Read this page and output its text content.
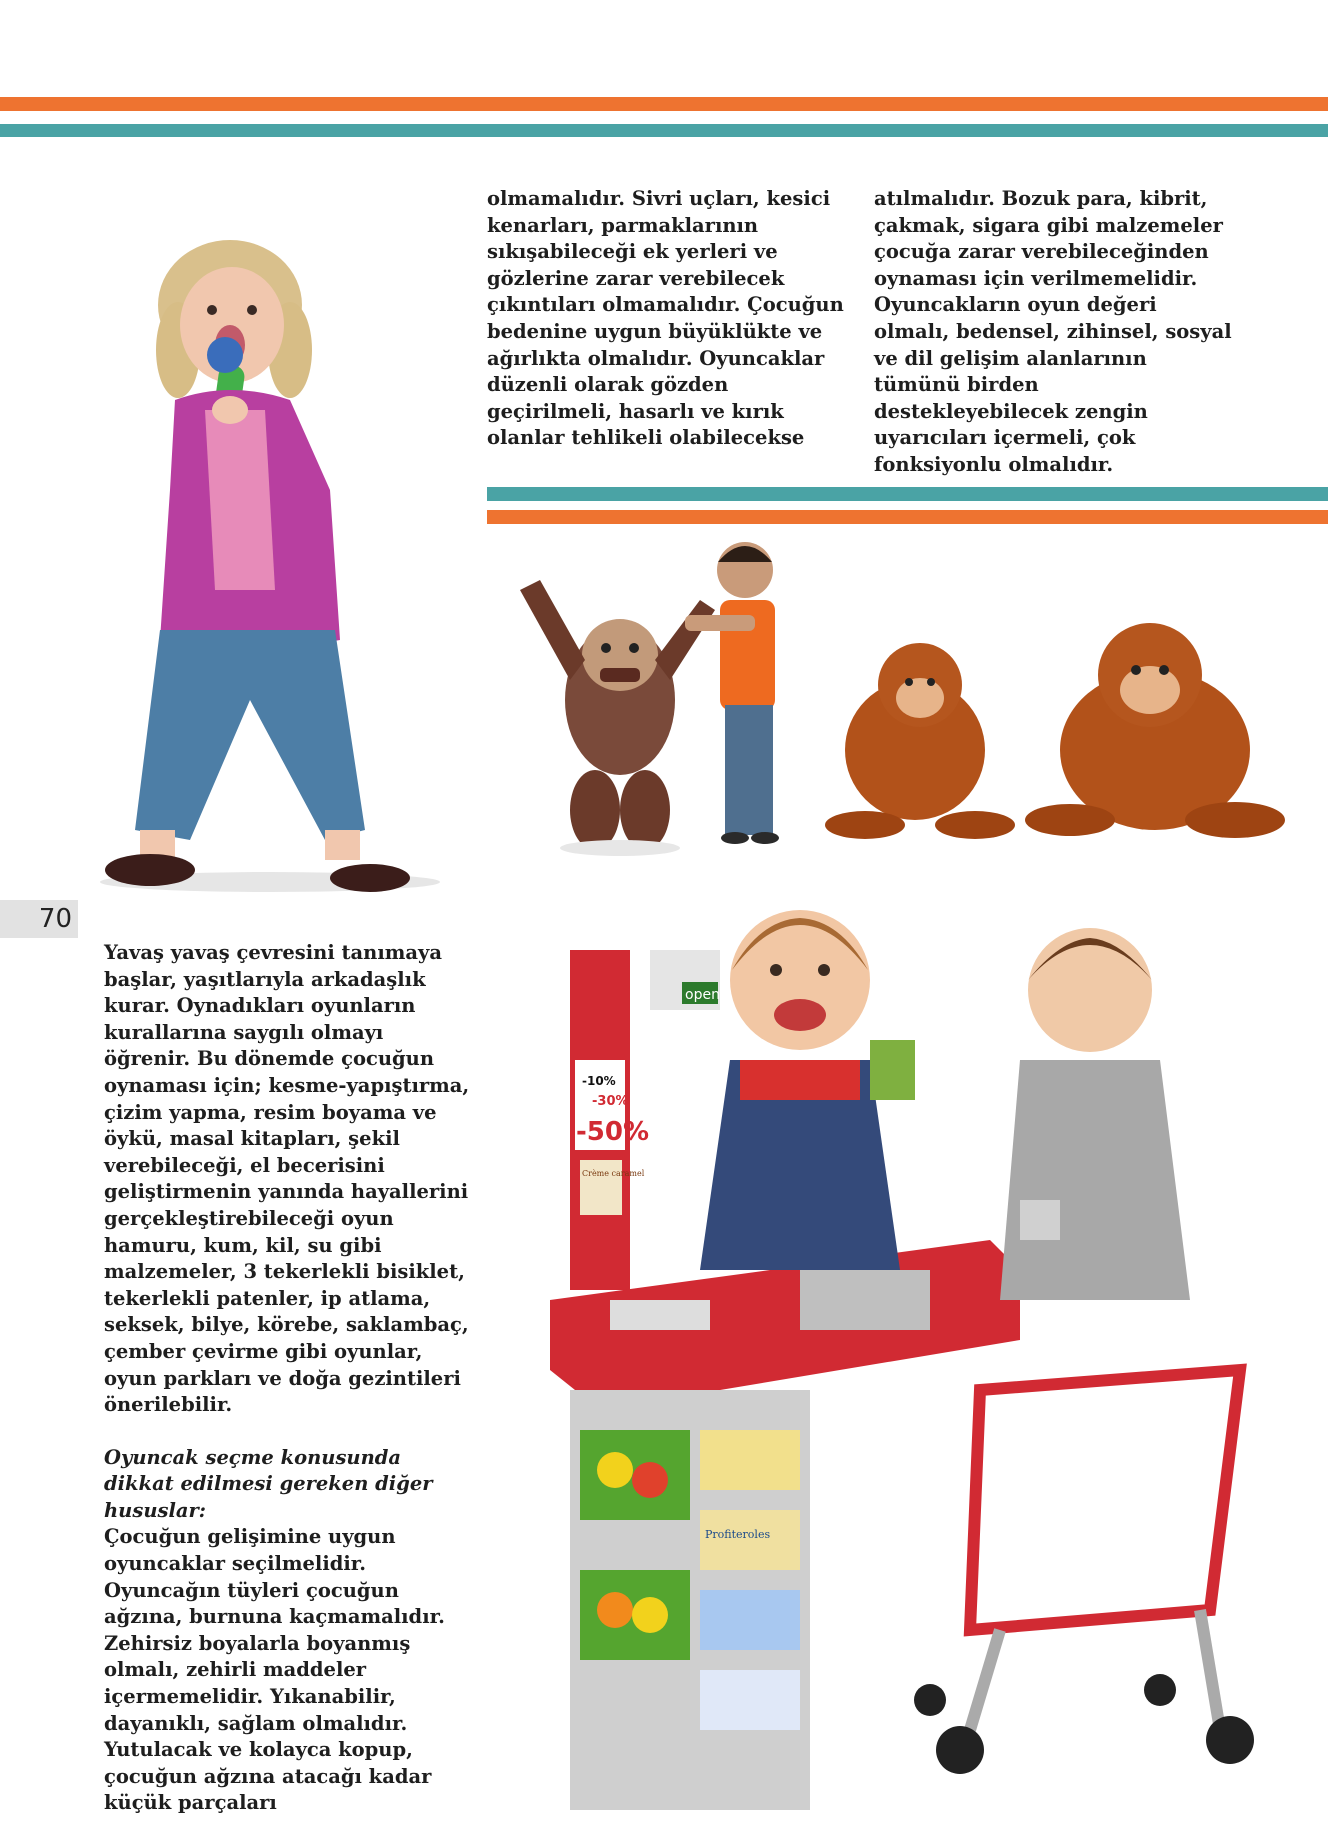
olmamalıdır. Sivri uçları, kesici kenarları, parmaklarının sıkışabileceği ek yerleri ve gözlerine zarar verebilecek çıkıntıları olmamalıdır. Çocuğun bedenine uygun büyüklükte ve ağırlıkta olmalıdır. Oyuncaklar düzenli olarak gözden geçirilmeli, hasarlı ve kırık olanlar tehlikeli olabilecekse

atılmalıdır. Bozuk para, kibrit, çakmak, sigara gibi malzemeler çocuğa zarar verebileceğinden oynaması için verilmemelidir. Oyuncakların oyun değeri olmalı, bedensel, zihinsel, sosyal ve dil gelişim alanlarının tümünü birden destekleyebilecek zengin uyarıcıları içermeli, çok fonksiyonlu olmalıdır.

Yavaş yavaş çevresini tanımaya başlar, yaşıtlarıyla arkadaşlık kurar. Oynadıkları oyunların kurallarına saygılı olmayı öğrenir. Bu dönemde çocuğun oynaması için; kesme-yapıştırma, çizim yapma, resim boyama ve öykü, masal kitapları, şekil verebileceği, el becerisini geliştirmenin yanında hayallerini gerçekleştirebileceği oyun hamuru, kum, kil, su gibi malzemeler, 3 tekerlekli bisiklet, tekerlekli patenler, ip atlama, seksek, bilye, körebe, saklambaç, çember çevirme gibi oyunlar, oyun parkları ve doğa gezintileri önerilebilir.

Oyuncak seçme konusunda dikkat edilmesi gereken diğer hususlar:

Çocuğun gelişimine uygun oyuncaklar seçilmelidir. Oyuncağın tüyleri çocuğun ağzına, burnuna kaçmamalıdır. Zehirsiz boyalarla boyanmış olmalı, zehirli maddeler içermemelidir. Yıkanabilir, dayanıklı, sağlam olmalıdır. Yutulacak ve kolayca kopup, çocuğun ağzına atacağı kadar küçük parçaları

70
-10%
-30%
-50%
Crème caramel
open
Profiteroles
